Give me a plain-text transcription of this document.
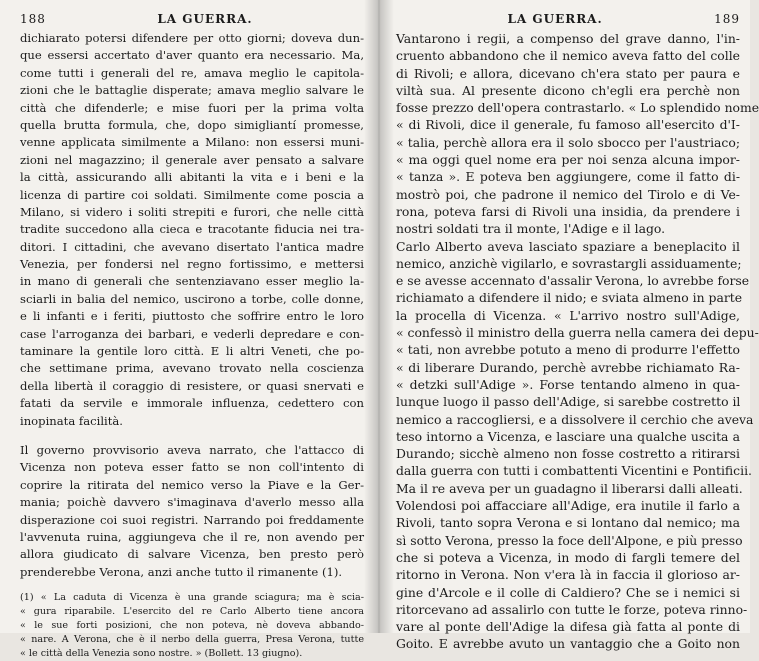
188	LA GUERRA.
dichiarato potersi difendere per otto giorni; doveva dun-
que essersi accertato d'aver quanto era necessario. Ma,
come tutti i generali del re, amava meglio le capitola-
zioni che le battaglie disperate; amava meglio salvare le
città che difenderle; e mise fuori per la prima volta
quella brutta formula, che, dopo simigliantí promesse,
venne applicata similmente a Milano: non essersi muni-
zioni nel magazzino; il generale aver pensato a salvare
la città, assicurando alli abitanti la vita e i beni e la
licenza di partire coi soldati. Similmente come poscia a
Milano, si videro i soliti strepiti e furori, che nelle città
tradite succedono alla cieca e tracotante fiducia nei tra-
ditori. I cittadini, che avevano disertato l'antica madre
Venezia, per fondersi nel regno fortissimo, e mettersi
in mano di generali che sentenziavano esser meglio la-
sciarli in balia del nemico, uscirono a torbe, colle donne,
e li infanti e i feriti, piuttosto che soffrire entro le loro
case l'arroganza dei barbari, e vederli depredare e con-
taminare la gentile loro città. E li altri Veneti, che po-
che settimane prima, avevano trovato nella coscienza
della libertà il coraggio di resistere, or quasi snervati e
fatati da servile e immorale influenza, cedettero con
inopinata facilità.
Il governo provvisorio aveva narrato, che l'attacco di
Vicenza non poteva esser fatto se non coll'intento di
coprire la ritirata del nemico verso la Piave e la Ger-
mania; poichè davvero s'imaginava d'averlo messo alla
disperazione coi suoi registri. Narrando poi freddamente
l'avvenuta ruina, aggiungeva che il re, non avendo per
allora giudicato di salvare Vicenza, ben presto però
prenderebbe Verona, anzi anche tutto il rimanente (1).
(1) « La caduta di Vicenza è una grande sciagura; ma è scia-
« gura riparabile. L'esercito del re Carlo Alberto tiene ancora
« le sue forti posizioni, che non poteva, nè doveva abbando-
« nare. A Verona, che è il nerbo della guerra, Presa Verona, tutte
« le città della Venezia sono nostre. » (Bollett. 13 giugno).
LA GUERRA.	189
Vantarono i regii, a compenso del grave danno, l'in-
cruento abbandono che il nemico aveva fatto del colle
di Rivoli; e allora, dicevano ch'era stato per paura e
viltà sua. Al presente dicono ch'egli era perchè non
fosse prezzo dell'opera contrastarlo. « Lo splendido nome
« di Rivoli, dice il generale, fu famoso all'esercito d'I-
« talia, perchè allora era il solo sbocco per l'austriaco;
« ma oggi quel nome era per noi senza alcuna impor-
« tanza ». E poteva ben aggiungere, come il fatto di-
mostrò poi, che padrone il nemico del Tirolo e di Ve-
rona, poteva farsi di Rivoli una insidia, da prendere i
nostri soldati tra il monte, l'Adige e il lago.
Carlo Alberto aveva lasciato spaziare a beneplacito il
nemico, anzichè vigilarlo, e sovrastargli assiduamente;
e se avesse accennato d'assalir Verona, lo avrebbe forse
richiamato a difendere il nido; e sviata almeno in parte
la procella di Vicenza. « L'arrivo nostro sull'Adige,
« confessò il ministro della guerra nella camera dei depu-
« tati, non avrebbe potuto a meno di produrre l'effetto
« di liberare Durando, perchè avrebbe richiamato Ra-
« detzki sull'Adige ». Forse tentando almeno in qua-
lunque luogo il passo dell'Adige, si sarebbe costretto il
nemico a raccogliersi, e a dissolvere il cerchio che aveva
teso intorno a Vicenza, e lasciare una qualche uscita a
Durando; sicchè almeno non fosse costretto a ritirarsi
dalla guerra con tutti i combattenti Vicentini e Pontificii.
Ma il re aveva per un guadagno il liberarsi dalli alleati.
Volendosi poi affacciare all'Adige, era inutile il farlo a
Rivoli, tanto sopra Verona e si lontano dal nemico; ma
sì sotto Verona, presso la foce dell'Alpone, e più presso
che si poteva a Vicenza, in modo di fargli temere del
ritorno in Verona. Non v'era là in faccia il glorioso ar-
gine d'Arcole e il colle di Caldiero? Che se i nemici si
ritorcevano ad assalirlo con tutte le forze, poteva rinno-
vare al ponte dell'Adige la difesa già fatta al ponte di
Goito. E avrebbe avuto un vantaggio che a Goito non
